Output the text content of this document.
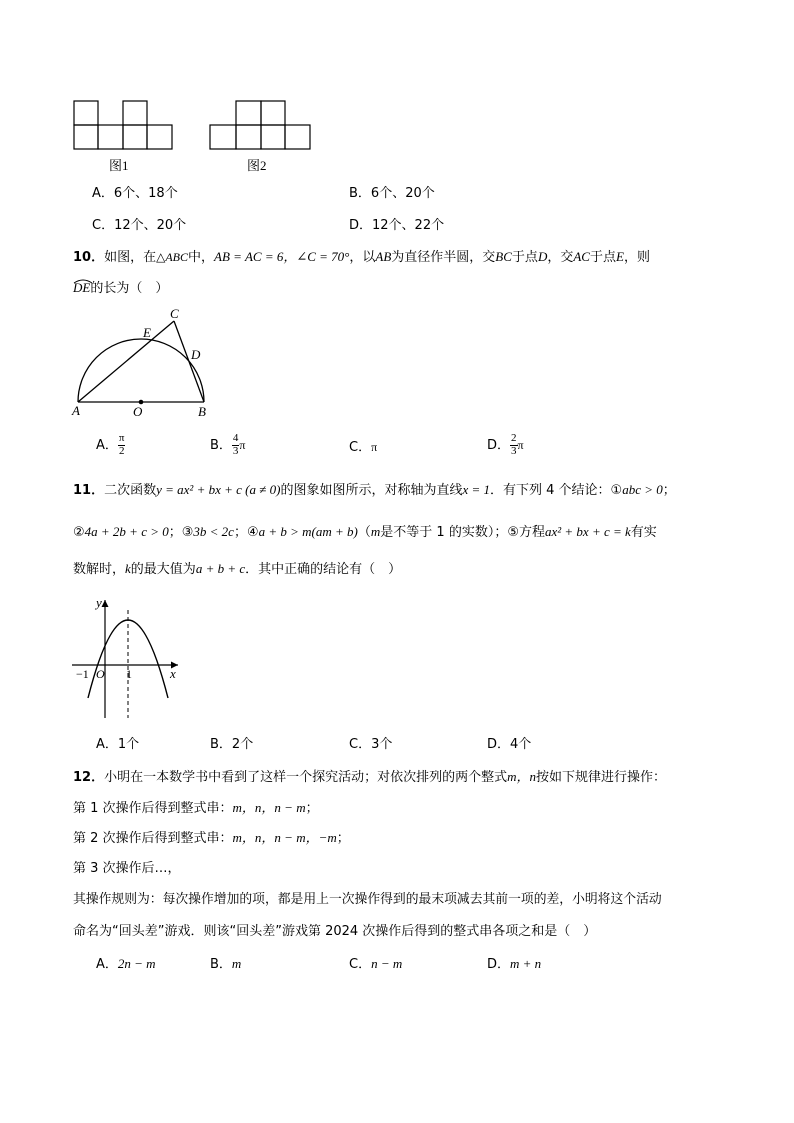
图1	图2
A．6个、18个	B．6个、20个
C．12个、20个	D．12个、22个
10．如图，在△ABC中，AB = AC = 6，∠C = 70°，以AB为直径作半圆，交BC于点D，交AC于点E，则
DE的长为（　）
A	O	B
C
E
D
A． $\frac{\pi}{2}$	B． $\frac{4}{3}$ π	C．π	D． $\frac{2}{3}$ π
11．二次函数y = ax² + bx + c (a ≠ 0)的图象如图所示，对称轴为直线x = 1．有下列 4 个结论：①abc > 0；
②4a + 2b + c > 0；③3b < 2c；④a + b > m(am + b)（m是不等于 1 的实数）；⑤方程ax² + bx + c = k有实
数解时，k的最大值为a + b + c．其中正确的结论有（　）
y
x
−1 O 1
A．1个	B．2个	C．3个	D．4个
12．小明在一本数学书中看到了这样一个探究活动；对依次排列的两个整式m，n按如下规律进行操作：
第 1 次操作后得到整式串：m，n，n − m；
第 2 次操作后得到整式串：m，n，n − m，−m；
第 3 次操作后…，
其操作规则为：每次操作增加的项，都是用上一次操作得到的最末项减去其前一项的差，小明将这个活动
命名为“回头差”游戏．则该“回头差”游戏第 2024 次操作后得到的整式串各项之和是（　）
A．2n − m	B．m	C．n − m	D．m + n
